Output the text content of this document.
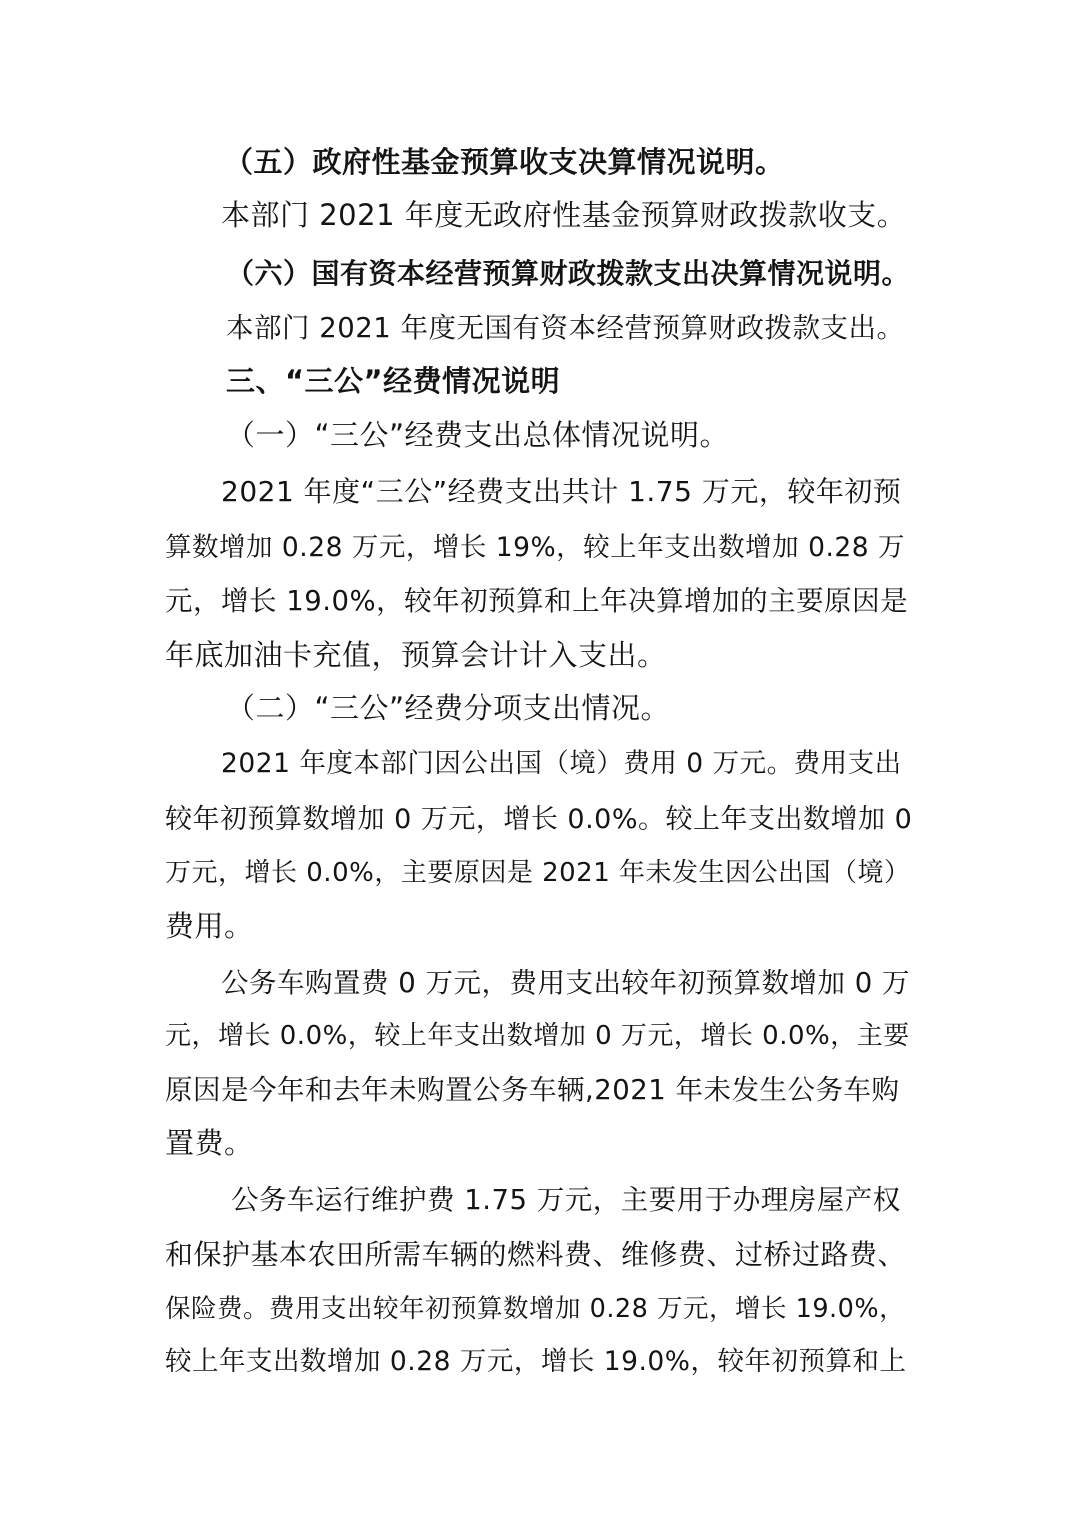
（五）政府性基金预算收支决算情况说明。
本部门 2021 年度无政府性基金预算财政拨款收支。
（六）国有资本经营预算财政拨款支出决算情况说明。
本部门 2021 年度无国有资本经营预算财政拨款支出。
三、“三公”经费情况说明
（一）“三公”经费支出总体情况说明。
2021 年度“三公”经费支出共计 1.75 万元，较年初预
算数增加 0.28 万元，增长 19%，较上年支出数增加 0.28 万
元，增长 19.0%，较年初预算和上年决算增加的主要原因是
年底加油卡充值，预算会计计入支出。
（二）“三公”经费分项支出情况。
2021 年度本部门因公出国（境）费用 0 万元。费用支出
较年初预算数增加 0 万元，增长 0.0%。较上年支出数增加 0
万元，增长 0.0%，主要原因是 2021 年未发生因公出国（境）
费用。
公务车购置费 0 万元，费用支出较年初预算数增加 0 万
元，增长 0.0%，较上年支出数增加 0 万元，增长 0.0%，主要
原因是今年和去年未购置公务车辆,2021 年未发生公务车购
置费。
公务车运行维护费 1.75 万元，主要用于办理房屋产权
和保护基本农田所需车辆的燃料费、维修费、过桥过路费、
保险费。费用支出较年初预算数增加 0.28 万元，增长 19.0%，
较上年支出数增加 0.28 万元，增长 19.0%，较年初预算和上
